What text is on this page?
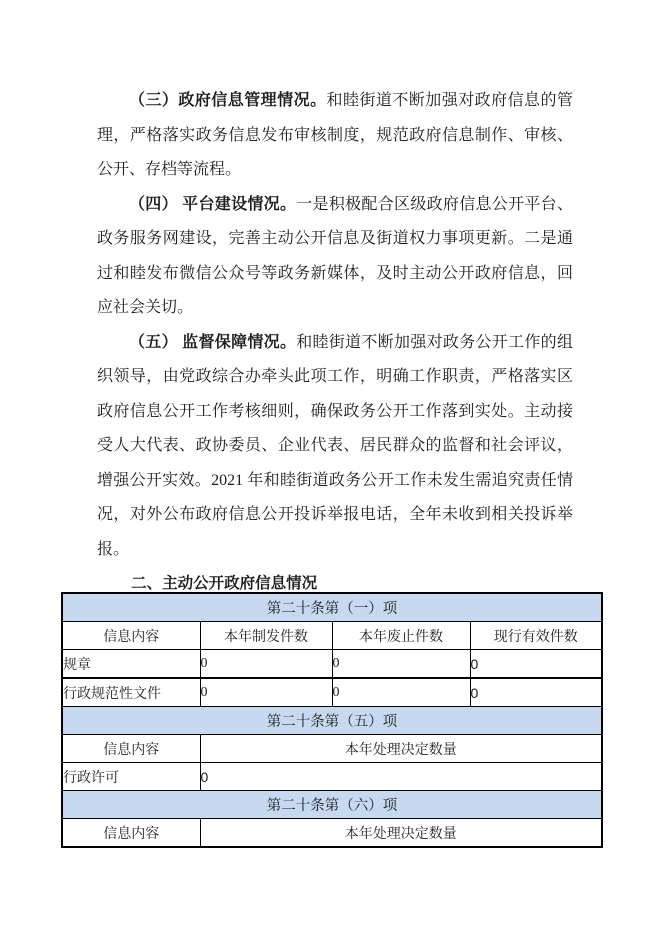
（三）政府信息管理情况。和睦街道不断加强对政府信息的管理，严格落实政务信息发布审核制度，规范政府信息制作、审核、公开、存档等流程。

（四） 平台建设情况。一是积极配合区级政府信息公开平台、政务服务网建设，完善主动公开信息及街道权力事项更新。二是通过和睦发布微信公众号等政务新媒体，及时主动公开政府信息，回应社会关切。

（五） 监督保障情况。和睦街道不断加强对政务公开工作的组织领导，由党政综合办牵头此项工作，明确工作职责，严格落实区政府信息公开工作考核细则，确保政务公开工作落到实处。主动接受人大代表、政协委员、企业代表、居民群众的监督和社会评议，增强公开实效。2021 年和睦街道政务公开工作未发生需追究责任情况，对外公布政府信息公开投诉举报电话，全年未收到相关投诉举报。

二、主动公开政府信息情况

第二十条第（一）项			
信息内容	本年制发件数	本年废止件数	现行有效件数
规章	0	0	0
行政规范性文件	0	0	0
第二十条第（五）项			
信息内容	本年处理决定数量		
行政许可	0		
第二十条第（六）项			
信息内容	本年处理决定数量		
